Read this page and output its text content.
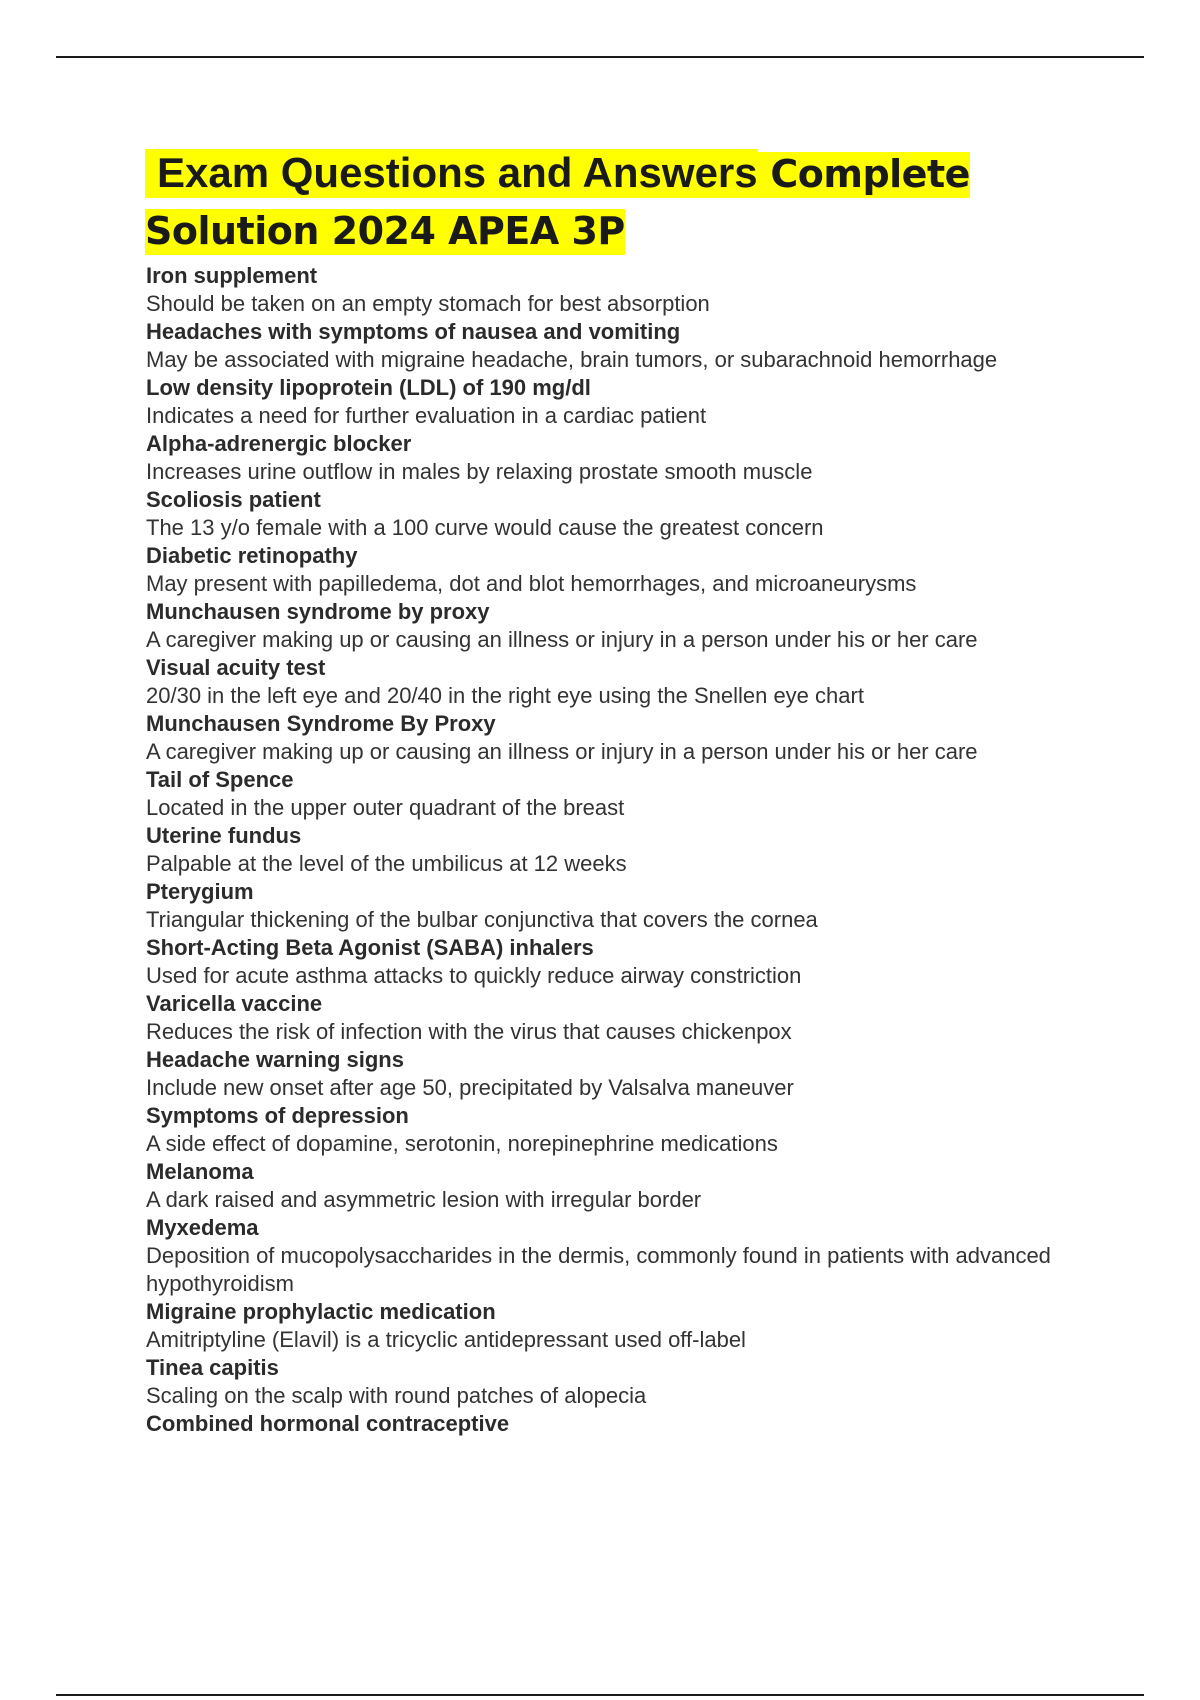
Exam Questions and Answers Complete
Solution 2024 APEA 3P
Iron supplement
Should be taken on an empty stomach for best absorption
Headaches with symptoms of nausea and vomiting
May be associated with migraine headache, brain tumors, or subarachnoid hemorrhage
Low density lipoprotein (LDL) of 190 mg/dl
Indicates a need for further evaluation in a cardiac patient
Alpha-adrenergic blocker
Increases urine outflow in males by relaxing prostate smooth muscle
Scoliosis patient
The 13 y/o female with a 100 curve would cause the greatest concern
Diabetic retinopathy
May present with papilledema, dot and blot hemorrhages, and microaneurysms
Munchausen syndrome by proxy
A caregiver making up or causing an illness or injury in a person under his or her care
Visual acuity test
20/30 in the left eye and 20/40 in the right eye using the Snellen eye chart
Munchausen Syndrome By Proxy
A caregiver making up or causing an illness or injury in a person under his or her care
Tail of Spence
Located in the upper outer quadrant of the breast
Uterine fundus
Palpable at the level of the umbilicus at 12 weeks
Pterygium
Triangular thickening of the bulbar conjunctiva that covers the cornea
Short-Acting Beta Agonist (SABA) inhalers
Used for acute asthma attacks to quickly reduce airway constriction
Varicella vaccine
Reduces the risk of infection with the virus that causes chickenpox
Headache warning signs
Include new onset after age 50, precipitated by Valsalva maneuver
Symptoms of depression
A side effect of dopamine, serotonin, norepinephrine medications
Melanoma
A dark raised and asymmetric lesion with irregular border
Myxedema
Deposition of mucopolysaccharides in the dermis, commonly found in patients with advanced hypothyroidism
Migraine prophylactic medication
Amitriptyline (Elavil) is a tricyclic antidepressant used off-label
Tinea capitis
Scaling on the scalp with round patches of alopecia
Combined hormonal contraceptive
